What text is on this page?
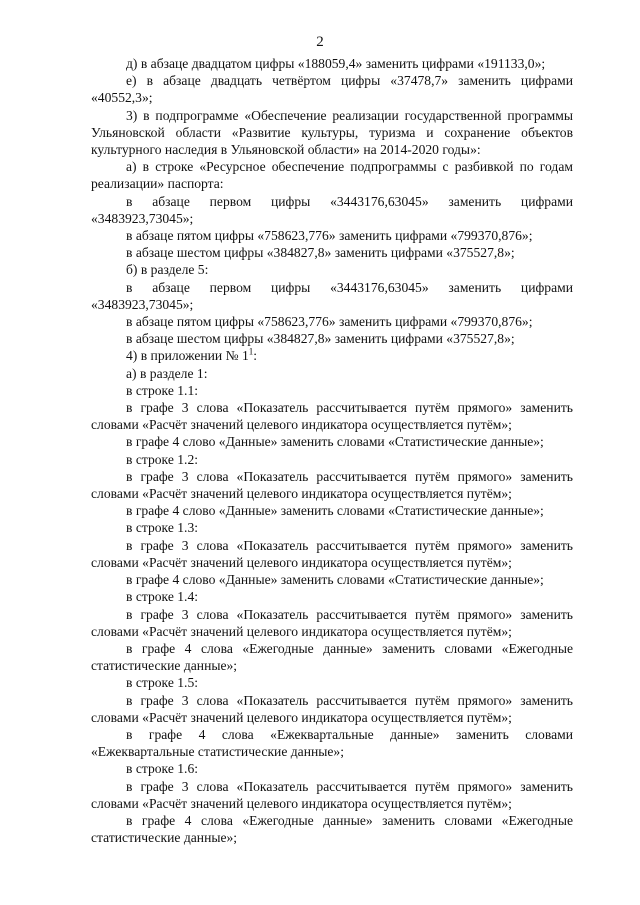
2

д) в абзаце двадцатом цифры «188059,4» заменить цифрами «191133,0»;

е) в абзаце двадцать четвёртом цифры «37478,7» заменить цифрами «40552,3»;

3) в подпрограмме «Обеспечение реализации государственной программы Ульяновской области «Развитие культуры, туризма и сохранение объектов культурного наследия в Ульяновской области» на 2014-2020 годы»:

а) в строке «Ресурсное обеспечение подпрограммы с разбивкой по годам реализации» паспорта:

в абзаце первом цифры «3443176,63045» заменить цифрами «3483923,73045»;

в абзаце пятом цифры «758623,776» заменить цифрами «799370,876»;

в абзаце шестом цифры «384827,8» заменить цифрами «375527,8»;

б) в разделе 5:

в абзаце первом цифры «3443176,63045» заменить цифрами «3483923,73045»;

в абзаце пятом цифры «758623,776» заменить цифрами «799370,876»;

в абзаце шестом цифры «384827,8» заменить цифрами «375527,8»;

4) в приложении № $1^1$:

а) в разделе 1:

в строке 1.1:

в графе 3 слова «Показатель рассчитывается путём прямого» заменить словами «Расчёт значений целевого индикатора осуществляется путём»;

в графе 4 слово «Данные» заменить словами «Статистические данные»;

в строке 1.2:

в графе 3 слова «Показатель рассчитывается путём прямого» заменить словами «Расчёт значений целевого индикатора осуществляется путём»;

в графе 4 слово «Данные» заменить словами «Статистические данные»;

в строке 1.3:

в графе 3 слова «Показатель рассчитывается путём прямого» заменить словами «Расчёт значений целевого индикатора осуществляется путём»;

в графе 4 слово «Данные» заменить словами «Статистические данные»;

в строке 1.4:

в графе 3 слова «Показатель рассчитывается путём прямого» заменить словами «Расчёт значений целевого индикатора осуществляется путём»;

в графе 4 слова «Ежегодные данные» заменить словами «Ежегодные статистические данные»;

в строке 1.5:

в графе 3 слова «Показатель рассчитывается путём прямого» заменить словами «Расчёт значений целевого индикатора осуществляется путём»;

в графе 4 слова «Ежеквартальные данные» заменить словами «Ежеквартальные статистические данные»;

в строке 1.6:

в графе 3 слова «Показатель рассчитывается путём прямого» заменить словами «Расчёт значений целевого индикатора осуществляется путём»;

в графе 4 слова «Ежегодные данные» заменить словами «Ежегодные статистические данные»;
